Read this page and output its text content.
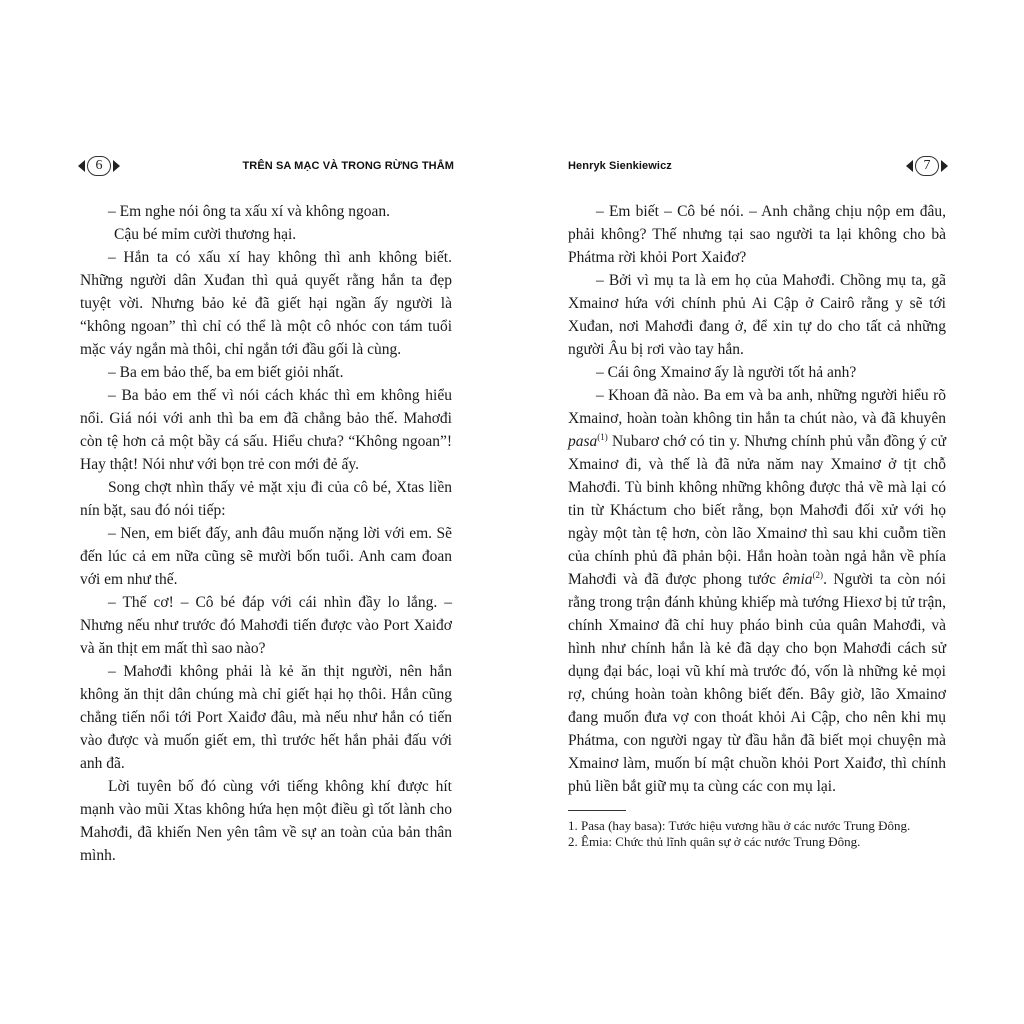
6	TRÊN SA MẠC VÀ TRONG RỪNG THẲM

– Em nghe nói ông ta xấu xí và không ngoan.

Cậu bé mỉm cười thương hại.

– Hắn ta có xấu xí hay không thì anh không biết. Những người dân Xuđan thì quả quyết rằng hắn ta đẹp tuyệt vời. Nhưng bảo kẻ đã giết hại ngần ấy người là “không ngoan” thì chỉ có thể là một cô nhóc con tám tuổi mặc váy ngắn mà thôi, chỉ ngắn tới đầu gối là cùng.

– Ba em bảo thế, ba em biết giỏi nhất.

– Ba bảo em thế vì nói cách khác thì em không hiểu nổi. Giá nói với anh thì ba em đã chẳng bảo thế. Mahơđi còn tệ hơn cả một bầy cá sấu. Hiểu chưa? “Không ngoan”! Hay thật! Nói như với bọn trẻ con mới đẻ ấy.

Song chợt nhìn thấy vẻ mặt xịu đi của cô bé, Xtas liền nín bặt, sau đó nói tiếp:

– Nen, em biết đấy, anh đâu muốn nặng lời với em. Sẽ đến lúc cả em nữa cũng sẽ mười bốn tuổi. Anh cam đoan với em như thế.

– Thế cơ! – Cô bé đáp với cái nhìn đầy lo lắng. – Nhưng nếu như trước đó Mahơđi tiến được vào Port Xaiđơ và ăn thịt em mất thì sao nào?

– Mahơđi không phải là kẻ ăn thịt người, nên hắn không ăn thịt dân chúng mà chỉ giết hại họ thôi. Hắn cũng chẳng tiến nổi tới Port Xaiđơ đâu, mà nếu như hắn có tiến vào được và muốn giết em, thì trước hết hắn phải đấu với anh đã.

Lời tuyên bố đó cùng với tiếng không khí được hít mạnh vào mũi Xtas không hứa hẹn một điều gì tốt lành cho Mahơđi, đã khiến Nen yên tâm về sự an toàn của bản thân mình.

Henryk Sienkiewicz	7

– Em biết – Cô bé nói. – Anh chẳng chịu nộp em đâu, phải không? Thế nhưng tại sao người ta lại không cho bà Phátma rời khỏi Port Xaiđơ?

– Bởi vì mụ ta là em họ của Mahơđi. Chồng mụ ta, gã Xmainơ hứa với chính phủ Ai Cập ở Cairô rằng y sẽ tới Xuđan, nơi Mahơđi đang ở, để xin tự do cho tất cả những người Âu bị rơi vào tay hắn.

– Cái ông Xmainơ ấy là người tốt hả anh?

– Khoan đã nào. Ba em và ba anh, những người hiểu rõ Xmainơ, hoàn toàn không tin hắn ta chút nào, và đã khuyên pasa$^{(1)}$ Nubarơ chớ có tin y. Nhưng chính phủ vẫn đồng ý cử Xmainơ đi, và thế là đã nửa năm nay Xmainơ ở tịt chỗ Mahơđi. Tù binh không những không được thả về mà lại có tin từ Kháctum cho biết rằng, bọn Mahơđi đối xử với họ ngày một tàn tệ hơn, còn lão Xmainơ thì sau khi cuỗm tiền của chính phủ đã phản bội. Hắn hoàn toàn ngả hẳn về phía Mahơđi và đã được phong tước êmia$^{(2)}$. Người ta còn nói rằng trong trận đánh khủng khiếp mà tướng Hiexơ bị tử trận, chính Xmainơ đã chỉ huy pháo binh của quân Mahơđi, và hình như chính hắn là kẻ đã dạy cho bọn Mahơđi cách sử dụng đại bác, loại vũ khí mà trước đó, vốn là những kẻ mọi rợ, chúng hoàn toàn không biết đến. Bây giờ, lão Xmainơ đang muốn đưa vợ con thoát khỏi Ai Cập, cho nên khi mụ Phátma, con người ngay từ đầu hẳn đã biết mọi chuyện mà Xmainơ làm, muốn bí mật chuồn khỏi Port Xaiđơ, thì chính phủ liền bắt giữ mụ ta cùng các con mụ lại.

1. Pasa (hay basa): Tước hiệu vương hầu ở các nước Trung Đông.
2. Êmia: Chức thủ lĩnh quân sự ở các nước Trung Đông.
